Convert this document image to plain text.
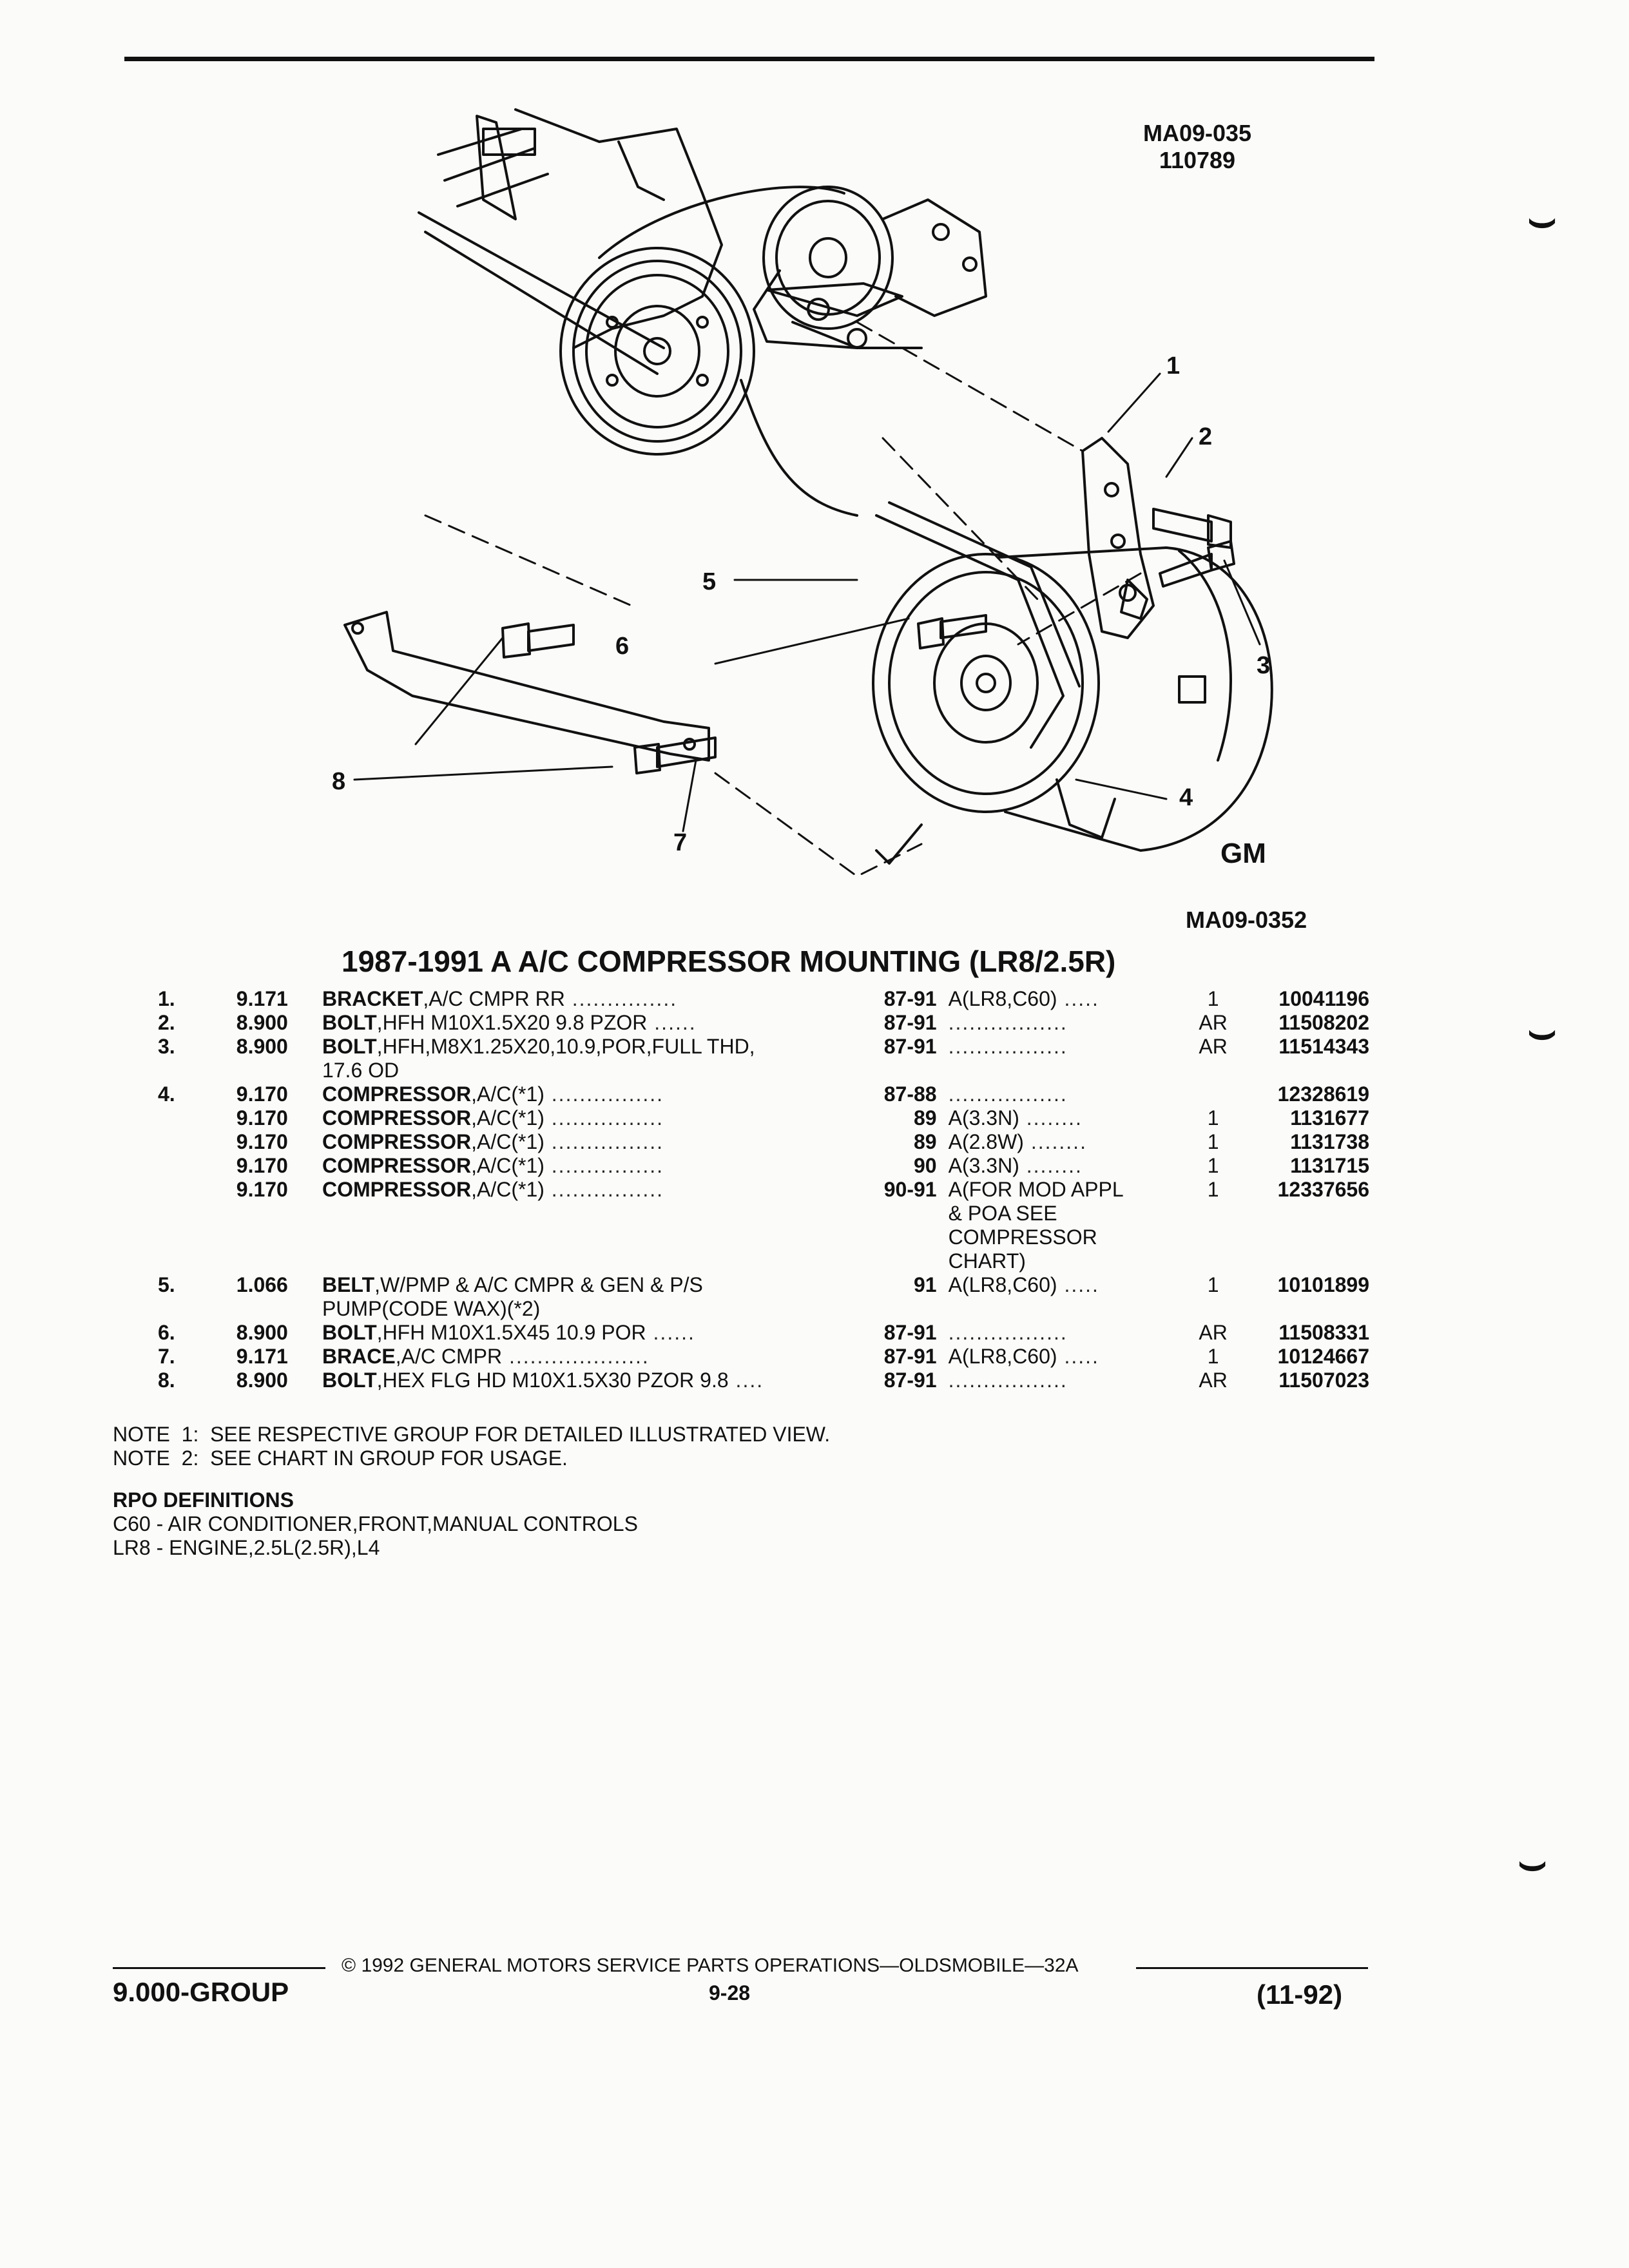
MA09-035
110789
1
2
3
4
5
6
7
8
GM
MA09-0352
1987-1991 A A/C COMPRESSOR MOUNTING (LR8/2.5R)
1.	9.171	BRACKET,A/C CMPR RR ...............	87-91	A(LR8,C60) .....	1	10041196
2.	8.900	BOLT,HFH M10X1.5X20 9.8 PZOR ......	87-91	.................	AR	11508202
3.	8.900	BOLT,HFH,M8X1.25X20,10.9,POR,FULL THD,
17.6 OD	87-91	.................	AR	11514343
4.	9.170	COMPRESSOR,A/C(*1) ................	87-88	.................		12328619
	9.170	COMPRESSOR,A/C(*1) ................	89	A(3.3N) ........	1	1131677
	9.170	COMPRESSOR,A/C(*1) ................	89	A(2.8W) ........	1	1131738
	9.170	COMPRESSOR,A/C(*1) ................	90	A(3.3N) ........	1	1131715
	9.170	COMPRESSOR,A/C(*1) ................	90-91	A(FOR MOD APPL
& POA SEE
COMPRESSOR
CHART)	1	12337656
5.	1.066	BELT,W/PMP & A/C CMPR & GEN & P/S
PUMP(CODE WAX)(*2)	91	A(LR8,C60) .....	1	10101899
6.	8.900	BOLT,HFH M10X1.5X45 10.9 POR ......	87-91	.................	AR	11508331
7.	9.171	BRACE,A/C CMPR ....................	87-91	A(LR8,C60) .....	1	10124667
8.	8.900	BOLT,HEX FLG HD M10X1.5X30 PZOR 9.8 ....	87-91	.................	AR	11507023
NOTE  1:  SEE RESPECTIVE GROUP FOR DETAILED ILLUSTRATED VIEW.
NOTE  2:  SEE CHART IN GROUP FOR USAGE.
RPO DEFINITIONS
C60 - AIR CONDITIONER,FRONT,MANUAL CONTROLS
LR8 - ENGINE,2.5L(2.5R),L4
© 1992 GENERAL MOTORS SERVICE PARTS OPERATIONS—OLDSMOBILE—32A
9.000-GROUP	9-28	(11-92)
⌣
⌣
⌣
